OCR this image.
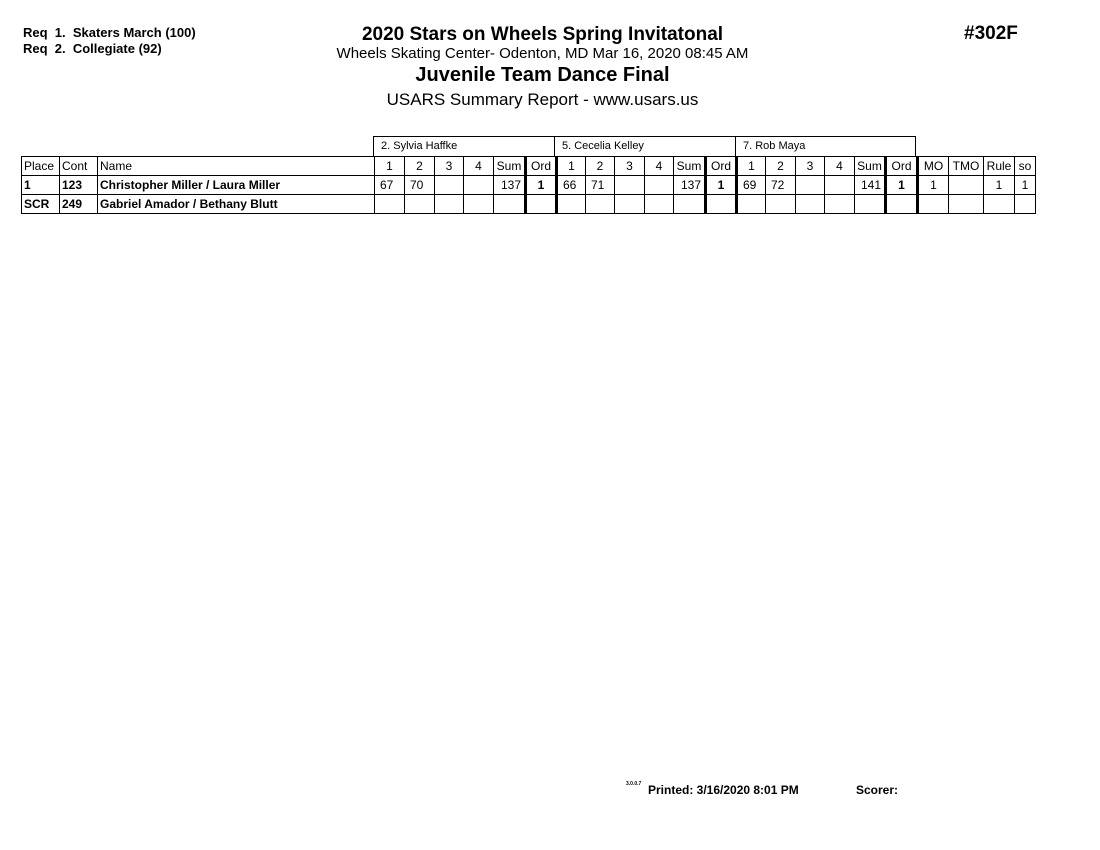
Req  1.  Skaters March (100)
Req  2.  Collegiate (92)
2020 Stars on Wheels Spring Invitatonal
Wheels Skating Center- Odenton, MD Mar 16, 2020 08:45 AM
Juvenile Team Dance Final
USARS Summary Report - www.usars.us
#302F
2. Sylvia Haffke	5. Cecelia Kelley	7. Rob Maya
Place	Cont	Name	1	2	3	4	Sum	Ord	1	2	3	4	Sum	Ord	1	2	3	4	Sum	Ord	MO	TMO	Rule	so
1	123	Christopher Miller / Laura Miller	67	70			137	1	66	71			137	1	69	72			141	1	1		1	1
SCR	249	Gabriel Amador / Bethany Blutt																						
3.0.0.7 Printed: 3/16/2020 8:01 PM	Scorer:
